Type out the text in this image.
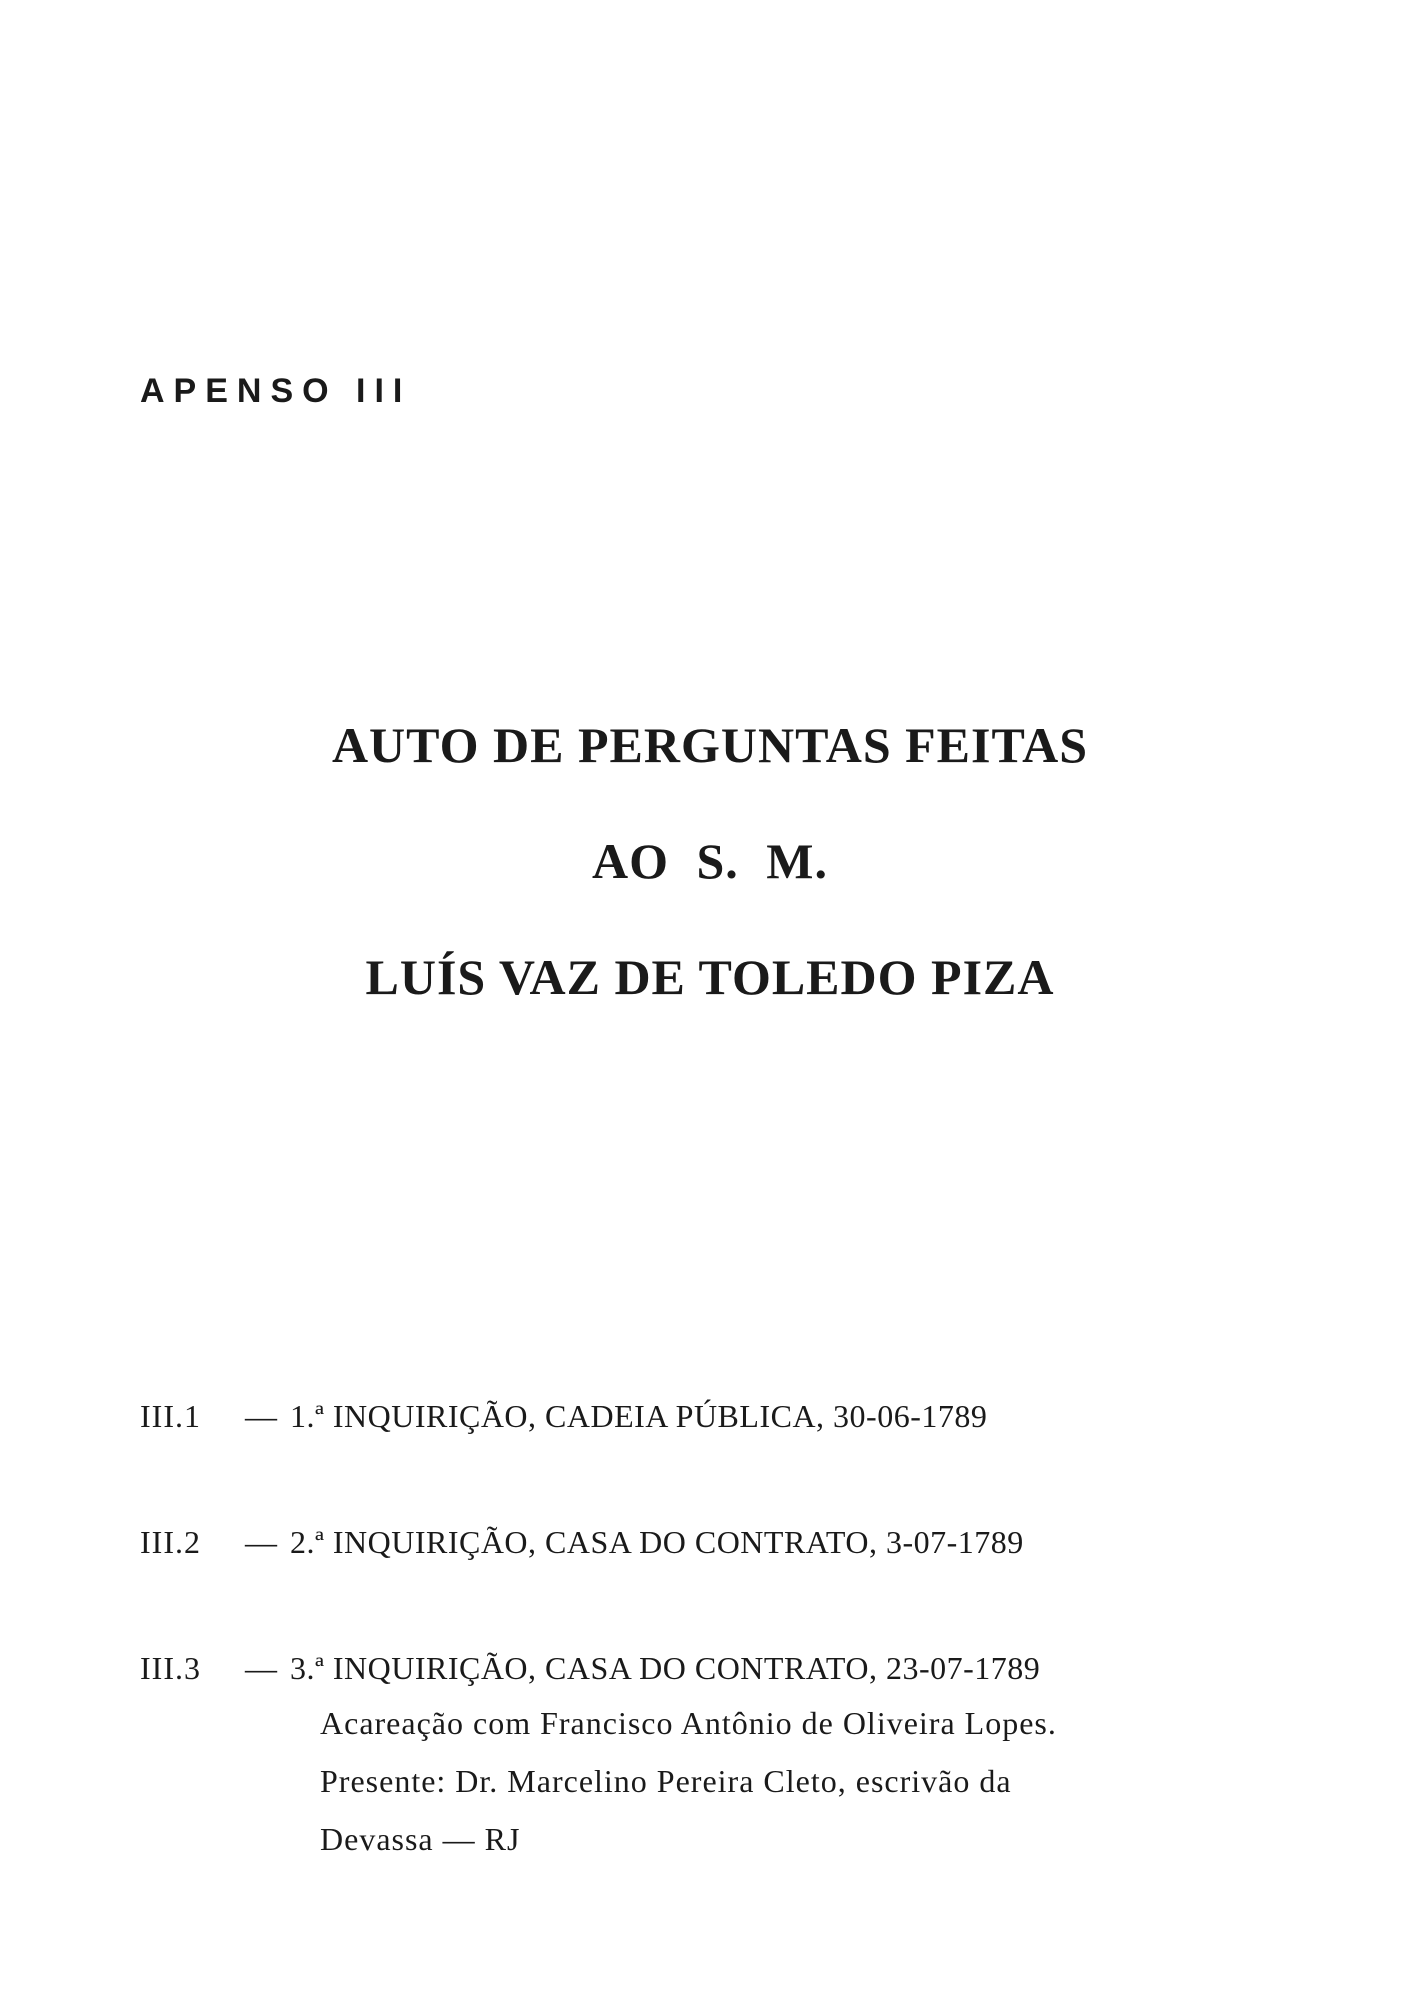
APENSO III
AUTO DE PERGUNTAS FEITAS
AO S. M.
LUÍS VAZ DE TOLEDO PIZA
III.1	— 1.ª INQUIRIÇÃO, CADEIA PÚBLICA, 30-06-1789
III.2	— 2.ª INQUIRIÇÃO, CASA DO CONTRATO, 3-07-1789
III.3	— 3.ª INQUIRIÇÃO, CASA DO CONTRATO, 23-07-1789
Acareação com Francisco Antônio de Oliveira Lopes.
Presente: Dr. Marcelino Pereira Cleto, escrivão da
Devassa — RJ
